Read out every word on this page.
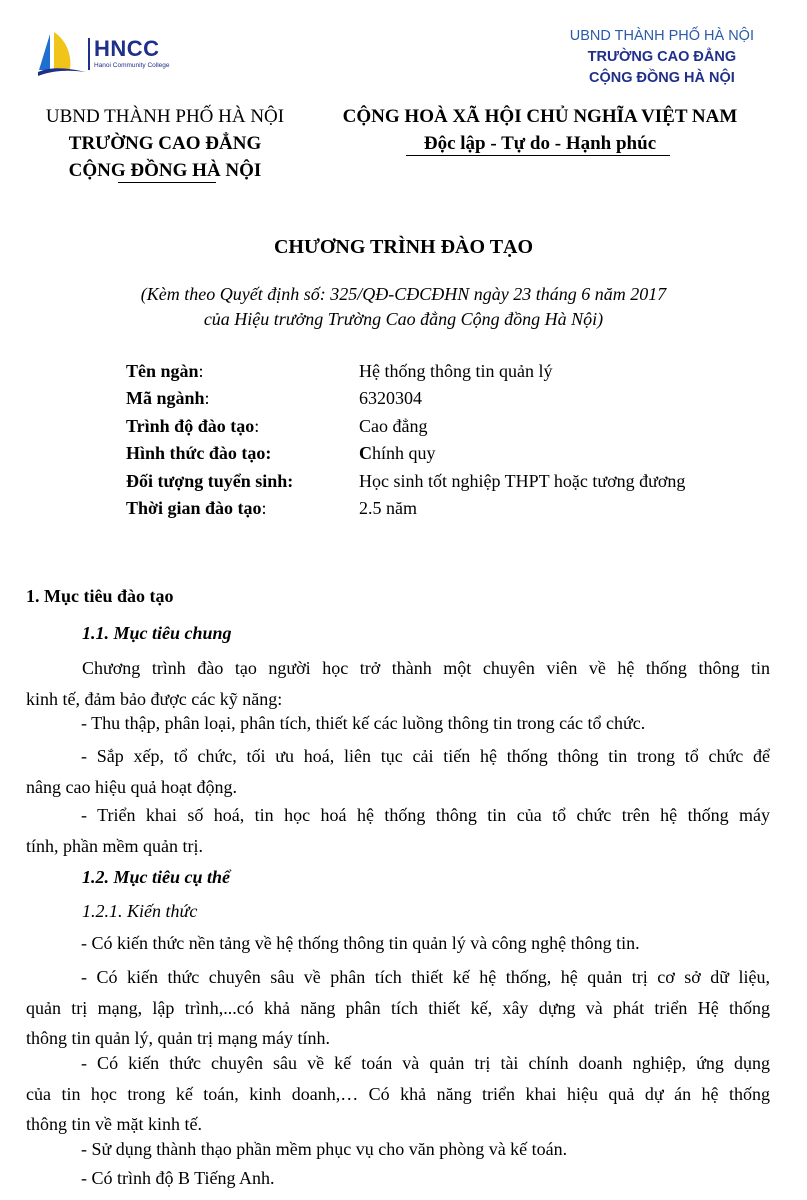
HNCC
Hanoi Community College
UBND THÀNH PHỐ HÀ NỘI
TRƯỜNG CAO ĐẲNG
CỘNG ĐỒNG HÀ NỘI
UBND THÀNH PHỐ HÀ NỘI
TRƯỜNG CAO ĐẲNG
CỘNG ĐỒNG HÀ NỘI
CỘNG HOÀ XÃ HỘI CHỦ NGHĨA VIỆT NAM
Độc lập - Tự do - Hạnh phúc
CHƯƠNG TRÌNH ĐÀO TẠO
(Kèm theo Quyết định số: 325/QĐ-CĐCĐHN ngày 23 tháng 6 năm 2017
của Hiệu trưởng Trường Cao đẳng Cộng đồng Hà Nội)
Tên ngàn:	Hệ thống thông tin quản lý
Mã ngành:	6320304
Trình độ đào tạo:	Cao đẳng
Hình thức đào tạo:	Chính quy
Đối tượng tuyển sinh:	Học sinh tốt nghiệp THPT hoặc tương đương
Thời gian đào tạo:	2.5 năm
1. Mục tiêu đào tạo
1.1. Mục tiêu chung
Chương trình đào tạo người học trở thành một chuyên viên về hệ thống thông tin
kinh tế, đảm bảo được các kỹ năng:
- Thu thập, phân loại, phân tích, thiết kế các luồng thông tin trong các tổ chức.
- Sắp xếp, tổ chức, tối ưu hoá, liên tục cải tiến hệ thống thông tin trong tổ chức để
nâng cao hiệu quả hoạt động.
- Triển khai số hoá, tin học hoá hệ thống thông tin của tổ chức trên hệ thống máy
tính, phần mềm quản trị.
1.2. Mục tiêu cụ thể
1.2.1. Kiến thức
- Có kiến thức nền tảng về hệ thống thông tin quản lý và công nghệ thông tin.
- Có kiến thức chuyên sâu về phân tích thiết kế hệ thống, hệ quản trị cơ sở dữ liệu,
quản trị mạng, lập trình,...có khả năng phân tích thiết kế, xây dựng và phát triển Hệ thống
thông tin quản lý, quản trị mạng máy tính.
- Có kiến thức chuyên sâu về kế toán và quản trị tài chính doanh nghiệp, ứng dụng
của tin học trong kế toán, kinh doanh,… Có khả năng triển khai hiệu quả dự án hệ thống
thông tin về mặt kinh tế.
- Sử dụng thành thạo phần mềm phục vụ cho văn phòng và kế toán.
- Có trình độ B Tiếng Anh.
